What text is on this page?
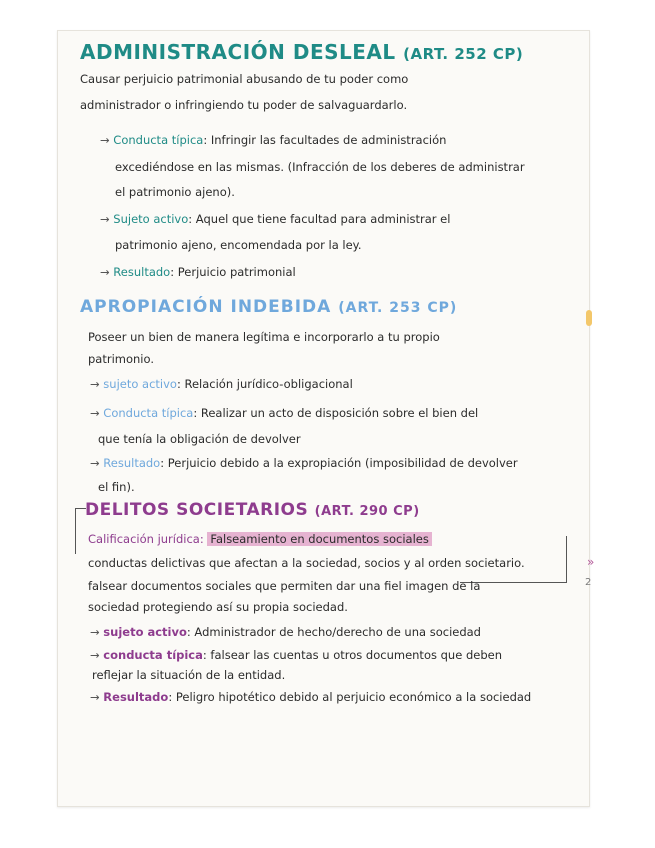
»
2
ADMINISTRACIÓN DESLEAL (ART. 252 CP)
Causar perjuicio patrimonial abusando de tu poder como
administrador o infringiendo tu poder de salvaguardarlo.
→ Conducta típica: Infringir las facultades de administración
excediéndose en las mismas. (Infracción de los deberes de administrar
el patrimonio ajeno).
→ Sujeto activo: Aquel que tiene facultad para administrar el
patrimonio ajeno, encomendada por la ley.
→ Resultado: Perjuicio patrimonial
APROPIACIÓN INDEBIDA (ART. 253 CP)
Poseer un bien de manera legítima e incorporarlo a tu propio
patrimonio.
→ sujeto activo: Relación jurídico-obligacional
→ Conducta típica: Realizar un acto de disposición sobre el bien del
que tenía la obligación de devolver
→ Resultado: Perjuicio debido a la expropiación (imposibilidad de devolver
el fin).
DELITOS SOCIETARIOS (ART. 290 CP)
Calificación jurídica: Falseamiento en documentos sociales
conductas delictivas que afectan a la sociedad, socios y al orden societario.
falsear documentos sociales que permiten dar una fiel imagen de la
sociedad protegiendo así su propia sociedad.
→ sujeto activo: Administrador de hecho/derecho de una sociedad
→ conducta típica: falsear las cuentas u otros documentos que deben
reflejar la situación de la entidad.
→ Resultado: Peligro hipotético debido al perjuicio económico a la sociedad
